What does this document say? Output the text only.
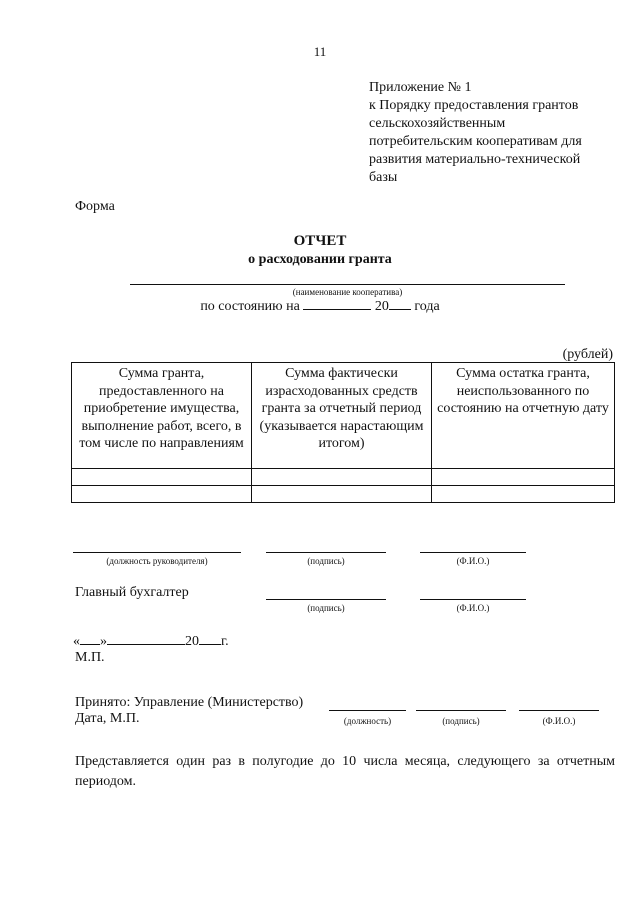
11
Приложение № 1
к Порядку предоставления грантов
сельскохозяйственным
потребительским кооперативам для
развития материально-технической
базы
Форма
ОТЧЕТ
о расходовании гранта
(наименование кооператива)
по состоянию на	20 года
(рублей)
Сумма гранта, предоставленного на приобретение имущества, выполнение работ, всего, в том числе по направлениям	Сумма фактически израсходованных средств гранта за отчетный период (указывается нарастающим итогом)	Сумма остатка гранта, неиспользованного по состоянию на отчетную дату

(должность руководителя)	(подпись)	(Ф.И.О.)
Главный бухгалтер
(подпись)	(Ф.И.О.)
« »	20 г.
М.П.
Принято: Управление (Министерство)
Дата, М.П.	(должность)	(подпись)	(Ф.И.О.)
Представляется один раз в полугодие до 10 числа месяца, следующего за отчетным периодом.
